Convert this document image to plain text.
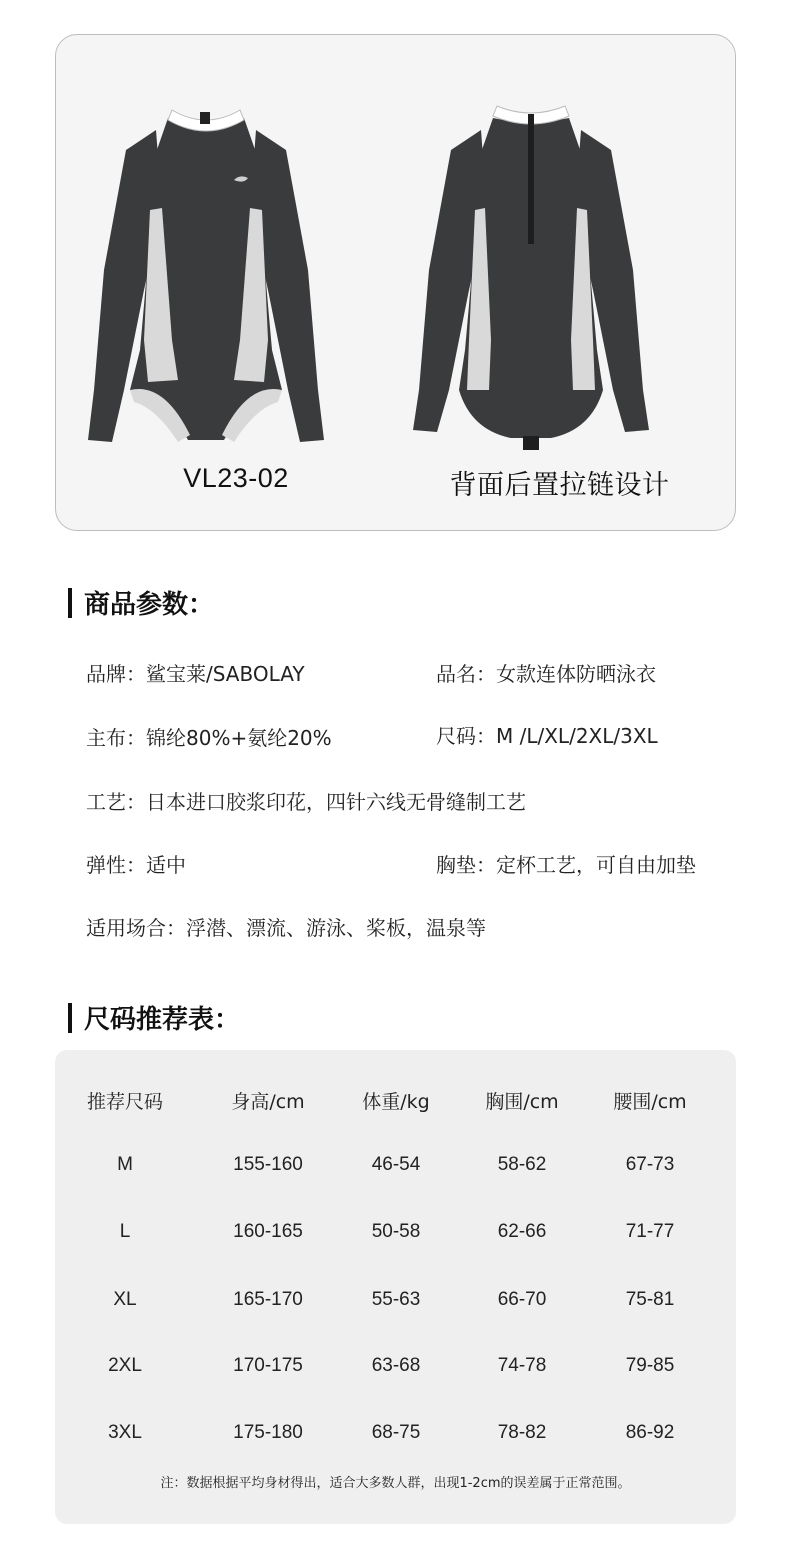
VL23-02	背面后置拉链设计
商品参数：
品牌：鲨宝莱/SABOLAY	品名：女款连体防晒泳衣
主布：锦纶80%+氨纶20%	尺码：M /L/XL/2XL/3XL
工艺：日本进口胶浆印花，四针六线无骨缝制工艺
弹性：适中	胸垫：定杯工艺，可自由加垫
适用场合：浮潜、漂流、游泳、桨板，温泉等
尺码推荐表：
推荐尺码	身高/cm	体重/kg	胸围/cm	腰围/cm
M	155-160	46-54	58-62	67-73
L	160-165	50-58	62-66	71-77
XL	165-170	55-63	66-70	75-81
2XL	170-175	63-68	74-78	79-85
3XL	175-180	68-75	78-82	86-92
注：数据根据平均身材得出，适合大多数人群，出现1-2cm的误差属于正常范围。
